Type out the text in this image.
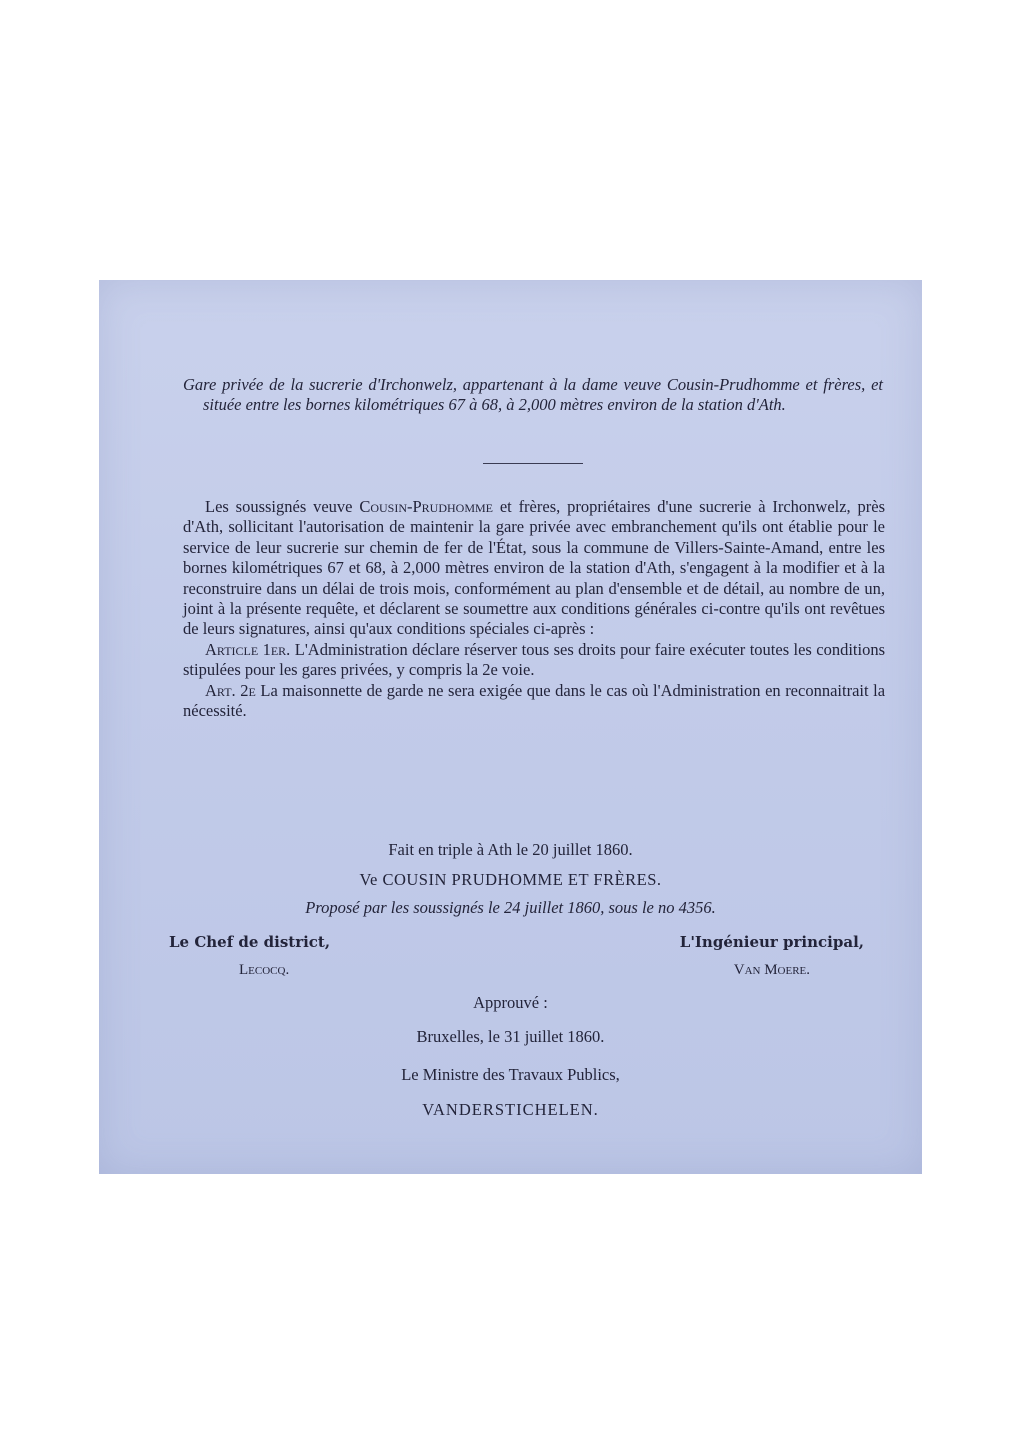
Gare privée de la sucrerie d'Irchonwelz, appartenant à la dame veuve Cousin-Prudhomme et frères, et située entre les bornes kilométriques 67 à 68, à 2,000 mètres environ de la station d'Ath.

Les soussignés veuve Cousin-Prudhomme et frères, propriétaires d'une sucrerie à Irchonwelz, près d'Ath, sollicitant l'autorisation de maintenir la gare privée avec embranchement qu'ils ont établie pour le service de leur sucrerie sur chemin de fer de l'État, sous la commune de Villers-Sainte-Amand, entre les bornes kilométriques 67 et 68, à 2,000 mètres environ de la station d'Ath, s'engagent à la modifier et à la reconstruire dans un délai de trois mois, conformément au plan d'ensemble et de détail, au nombre de un, joint à la présente requête, et déclarent se soumettre aux conditions générales ci-contre qu'ils ont revêtues de leurs signatures, ainsi qu'aux conditions spéciales ci-après :

Article 1er. L'Administration déclare réserver tous ses droits pour faire exécuter toutes les conditions stipulées pour les gares privées, y compris la 2e voie.

Art. 2e La maisonnette de garde ne sera exigée que dans le cas où l'Administration en reconnaitrait la nécessité.

Fait en triple à Ath le 20 juillet 1860.

Ve COUSIN PRUDHOMME ET FRÈRES.

Proposé par les soussignés le 24 juillet 1860, sous le no 4356.

Le Chef de district,
Lecocq.
L'Ingénieur principal,
Van Moere.

Approuvé :

Bruxelles, le 31 juillet 1860.

Le Ministre des Travaux Publics,

VANDERSTICHELEN.
